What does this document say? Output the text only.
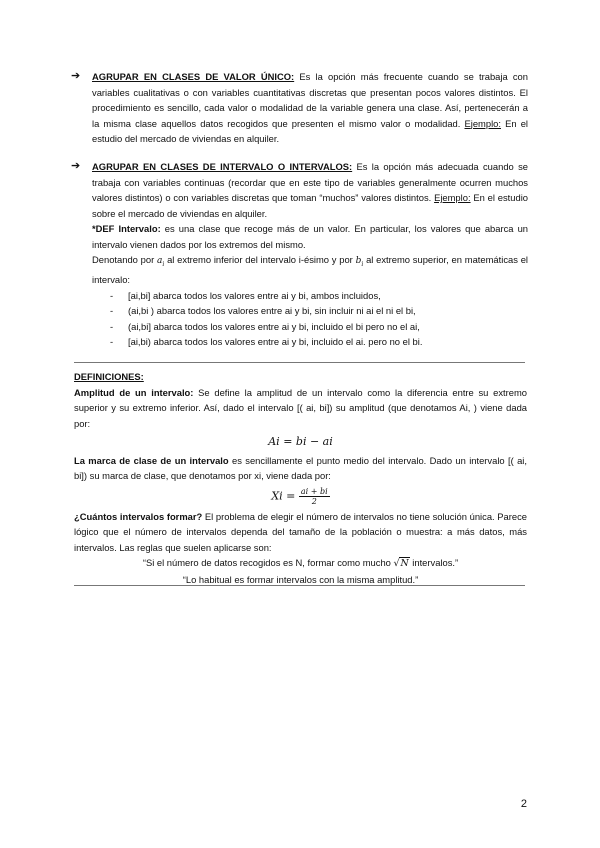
➔ AGRUPAR EN CLASES DE VALOR ÚNICO: Es la opción más frecuente cuando se trabaja con variables cualitativas o con variables cuantitativas discretas que presentan pocos valores distintos. El procedimiento es sencillo, cada valor o modalidad de la variable genera una clase. Así, pertenecerán a la misma clase aquellos datos recogidos que presenten el mismo valor o modalidad. Ejemplo: En el estudio del mercado de viviendas en alquiler.

➔ AGRUPAR EN CLASES DE INTERVALO O INTERVALOS: Es la opción más adecuada cuando se trabaja con variables continuas (recordar que en este tipo de variables generalmente ocurren muchos valores distintos) o con variables discretas que toman “muchos” valores distintos. Ejemplo: En el estudio sobre el mercado de viviendas en alquiler.

*DEF Intervalo: es una clase que recoge más de un valor. En particular, los valores que abarca un intervalo vienen dados por los extremos del mismo.

Denotando por $a_i$ al extremo inferior del intervalo i-ésimo y por $b_i$ al extremo superior, en matemáticas el intervalo:

- [ai,bi] abarca todos los valores entre ai y bi, ambos incluidos,
- (ai,bi ) abarca todos los valores entre ai y bi, sin incluir ni ai el ni el bi,
- (ai,bi] abarca todos los valores entre ai y bi, incluido el bi pero no el ai,
- [ai,bi) abarca todos los valores entre ai y bi, incluido el ai. pero no el bi.

DEFINICIONES:

Amplitud de un intervalo: Se define la amplitud de un intervalo como la diferencia entre su extremo superior y su extremo inferior. Así, dado el intervalo [( ai, bi]) su amplitud (que denotamos Ai, ) viene dada por:

Ai = bi − ai

La marca de clase de un intervalo es sencillamente el punto medio del intervalo. Dado un intervalo [( ai, bi]) su marca de clase, que denotamos por xi, viene dada por:

$Xi = \frac{ai + bi}{2}$

¿Cuántos intervalos formar? El problema de elegir el número de intervalos no tiene solución única. Parece lógico que el número de intervalos dependa del tamaño de la población o muestra: a más datos, más intervalos. Las reglas que suelen aplicarse son:

“Si el número de datos recogidos es N, formar como mucho √N intervalos.”

“Lo habitual es formar intervalos con la misma amplitud.”

2
